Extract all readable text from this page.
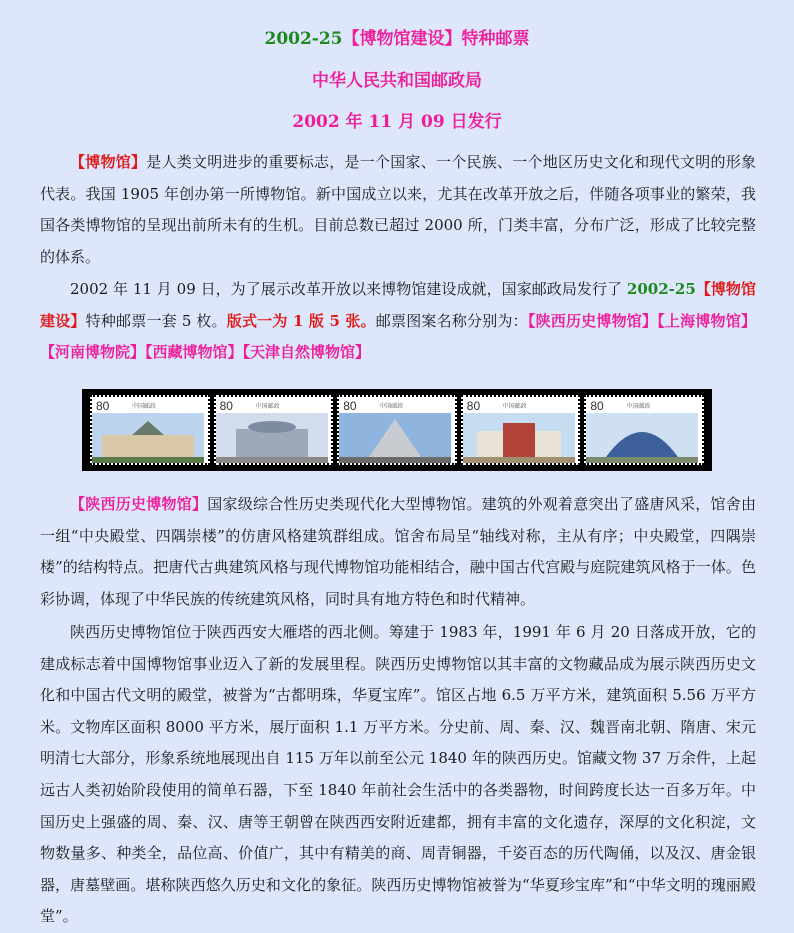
2002-25【博物馆建设】特种邮票
中华人民共和国邮政局
2002 年 11 月 09 日发行

【博物馆】是人类文明进步的重要标志，是一个国家、一个民族、一个地区历史文化和现代文明的形象代表。我国 1905 年创办第一所博物馆。新中国成立以来，尤其在改革开放之后，伴随各项事业的繁荣，我国各类博物馆的呈现出前所未有的生机。目前总数已超过 2000 所，门类丰富，分布广泛，形成了比较完整的体系。

2002 年 11 月 09 日，为了展示改革开放以来博物馆建设成就，国家邮政局发行了 2002-25【博物馆建设】特种邮票一套 5 枚。版式一为 1 版 5 张。邮票图案名称分别为：【陕西历史博物馆】【上海博物馆】【河南博物院】【西藏博物馆】【天津自然博物馆】

80	中国邮政	80	中国邮政	80	中国邮政	80	中国邮政	80	中国邮政

【陕西历史博物馆】国家级综合性历史类现代化大型博物馆。建筑的外观着意突出了盛唐风采，馆舍由一组“中央殿堂、四隅崇楼”的仿唐风格建筑群组成。馆舍布局呈“轴线对称，主从有序；中央殿堂，四隅崇楼”的结构特点。把唐代古典建筑风格与现代博物馆功能相结合，融中国古代宫殿与庭院建筑风格于一体。色彩协调，体现了中华民族的传统建筑风格，同时具有地方特色和时代精神。

陕西历史博物馆位于陕西西安大雁塔的西北侧。筹建于 1983 年，1991 年 6 月 20 日落成开放，它的建成标志着中国博物馆事业迈入了新的发展里程。陕西历史博物馆以其丰富的文物藏品成为展示陕西历史文化和中国古代文明的殿堂，被誉为“古都明珠，华夏宝库”。馆区占地 6.5 万平方米，建筑面积 5.56 万平方米。文物库区面积 8000 平方米，展厅面积 1.1 万平方米。分史前、周、秦、汉、魏晋南北朝、隋唐、宋元明清七大部分，形象系统地展现出自 115 万年以前至公元 1840 年的陕西历史。馆藏文物 37 万余件，上起远古人类初始阶段使用的简单石器，下至 1840 年前社会生活中的各类器物，时间跨度长达一百多万年。中国历史上强盛的周、秦、汉、唐等王朝曾在陕西西安附近建都，拥有丰富的文化遗存，深厚的文化积淀，文物数量多、种类全，品位高、价值广，其中有精美的商、周青铜器，千姿百态的历代陶俑，以及汉、唐金银器，唐墓壁画。堪称陕西悠久历史和文化的象征。陕西历史博物馆被誉为“华夏珍宝库”和“中华文明的瑰丽殿堂”。
